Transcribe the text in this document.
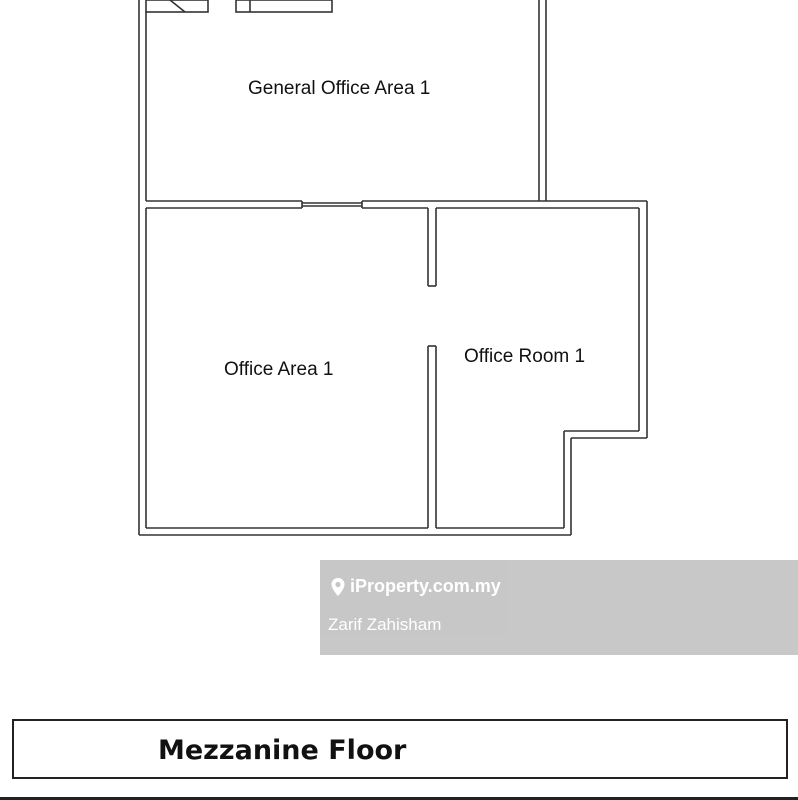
General Office Area 1
Office Area 1
Office Room 1
iProperty.com.my
Zarif Zahisham
Mezzanine Floor
